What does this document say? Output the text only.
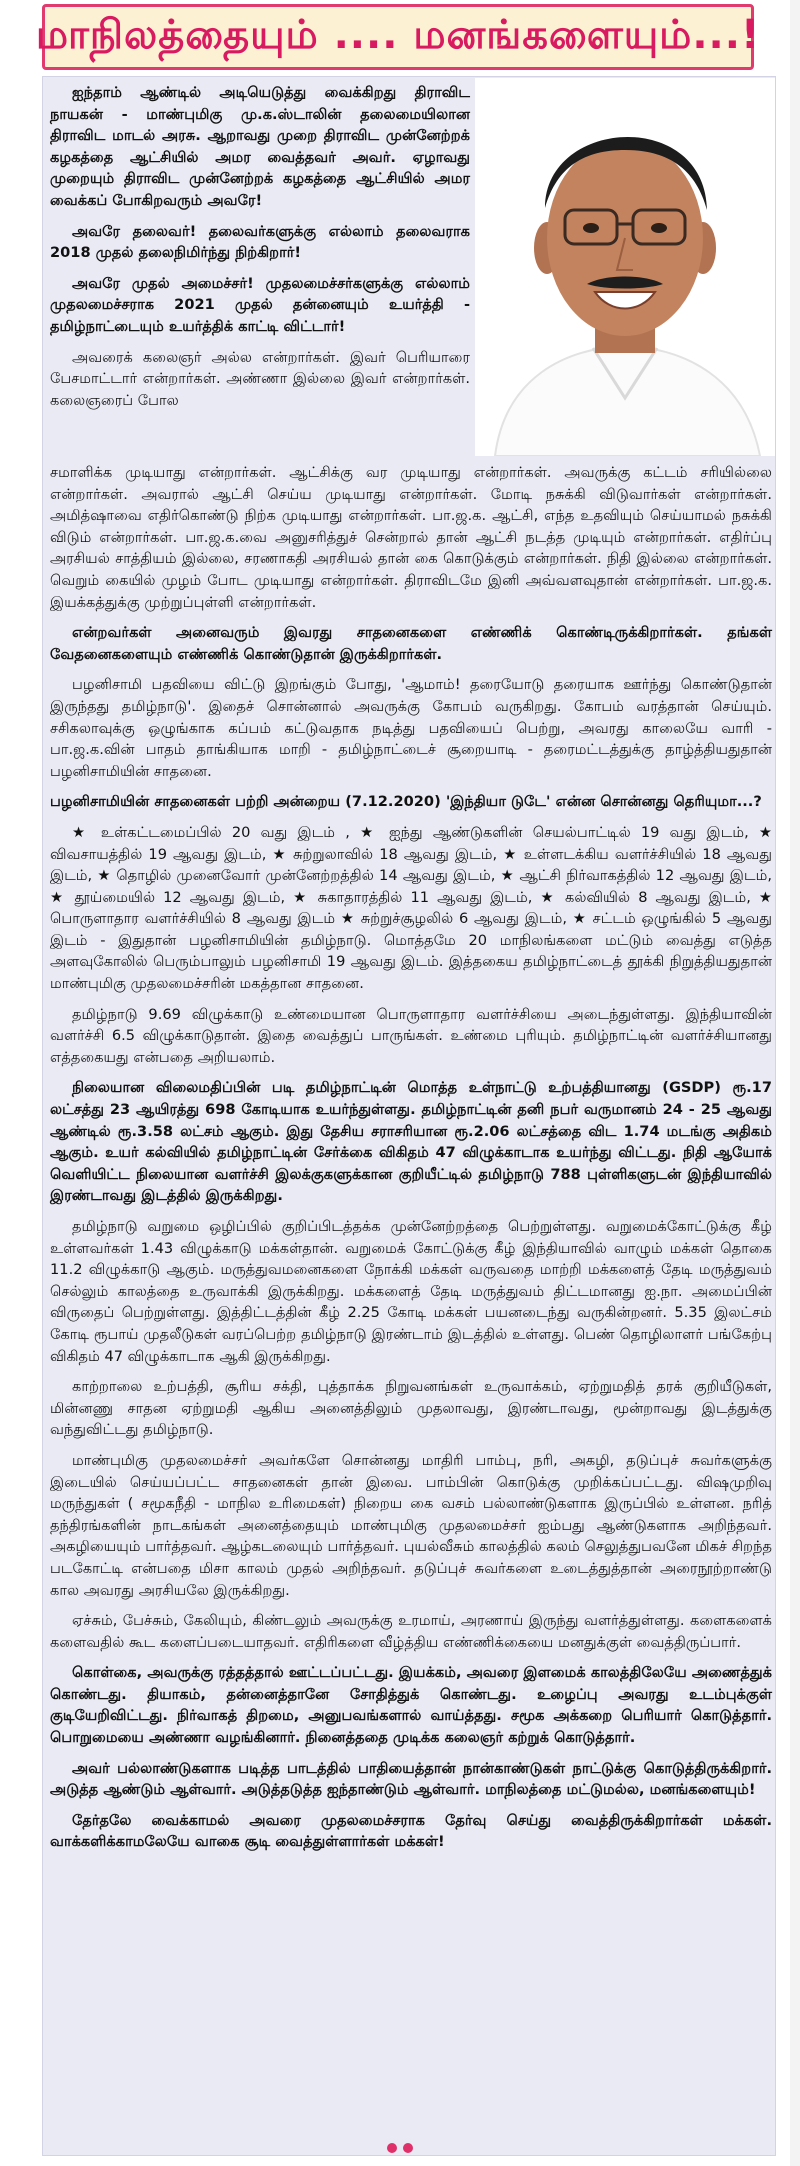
மாநிலத்தையும் .... மனங்களையும்...!

ஐந்தாம் ஆண்டில் அடியெடுத்து வைக்கிறது திராவிட நாயகன் - மாண்புமிகு மு.க.ஸ்டாலின் தலைமையிலான திராவிட மாடல் அரசு. ஆறாவது முறை திராவிட முன்னேற்றக் கழகத்தை ஆட்சியில் அமர வைத்தவர் அவர். ஏழாவது முறையும் திராவிட முன்னேற்றக் கழகத்தை ஆட்சியில் அமர வைக்கப் போகிறவரும் அவரே!

அவரே தலைவர்! தலைவர்களுக்கு எல்லாம் தலைவராக 2018 முதல் தலைநிமிர்ந்து நிற்கிறார்!

அவரே முதல் அமைச்சர்! முதலமைச்சர்களுக்கு எல்லாம் முதலமைச்சராக 2021 முதல் தன்னையும் உயர்த்தி - தமிழ்நாட்டையும் உயர்த்திக் காட்டி விட்டார்!

அவரைக் கலைஞர் அல்ல என்றார்கள். இவர் பெரியாரை பேசமாட்டார் என்றார்கள். அண்ணா இல்லை இவர் என்றார்கள். கலைஞரைப் போல

சமாளிக்க முடியாது என்றார்கள். ஆட்சிக்கு வர முடியாது என்றார்கள். அவருக்கு கட்டம் சரியில்லை என்றார்கள். அவரால் ஆட்சி செய்ய முடியாது என்றார்கள். மோடி நசுக்கி விடுவார்கள் என்றார்கள். அமித்ஷாவை எதிர்கொண்டு நிற்க முடியாது என்றார்கள். பா.ஜ.க. ஆட்சி, எந்த உதவியும் செய்யாமல் நசுக்கி விடும் என்றார்கள். பா.ஜ.க.வை அனுசரித்துச் சென்றால் தான் ஆட்சி நடத்த முடியும் என்றார்கள். எதிர்ப்பு அரசியல் சாத்தியம் இல்லை, சரணாகதி அரசியல் தான் கை கொடுக்கும் என்றார்கள். நிதி இல்லை என்றார்கள். வெறும் கையில் முழம் போட முடியாது என்றார்கள். திராவிடமே இனி அவ்வளவுதான் என்றார்கள். பா.ஜ.க. இயக்கத்துக்கு முற்றுப்புள்ளி என்றார்கள்.

என்றவர்கள் அனைவரும் இவரது சாதனைகளை எண்ணிக் கொண்டிருக்கிறார்கள். தங்கள் வேதனைகளையும் எண்ணிக் கொண்டுதான் இருக்கிறார்கள்.

பழனிசாமி பதவியை விட்டு இறங்கும் போது, 'ஆமாம்! தரையோடு தரையாக ஊர்ந்து கொண்டுதான் இருந்தது தமிழ்நாடு'. இதைச் சொன்னால் அவருக்கு கோபம் வருகிறது. கோபம் வரத்தான் செய்யும். சசிகலாவுக்கு ஒழுங்காக கப்பம் கட்டுவதாக நடித்து பதவியைப் பெற்று, அவரது காலையே வாரி - பா.ஜ.க.வின் பாதம் தாங்கியாக மாறி - தமிழ்நாட்டைச் சூறையாடி - தரைமட்டத்துக்கு தாழ்த்தியதுதான் பழனிசாமியின் சாதனை.

பழனிசாமியின் சாதனைகள் பற்றி அன்றைய (7.12.2020) 'இந்தியா டுடே' என்ன சொன்னது தெரியுமா...?

★ உள்கட்டமைப்பில் 20 வது இடம் , ★ ஐந்து ஆண்டுகளின் செயல்பாட்டில் 19 வது இடம், ★ விவசாயத்தில் 19 ஆவது இடம், ★ சுற்றுலாவில் 18 ஆவது இடம், ★ உள்ளடக்கிய வளர்ச்சியில் 18 ஆவது இடம், ★ தொழில் முனைவோர் முன்னேற்றத்தில் 14 ஆவது இடம், ★ ஆட்சி நிர்வாகத்தில் 12 ஆவது இடம், ★ தூய்மையில் 12 ஆவது இடம், ★ சுகாதாரத்தில் 11 ஆவது இடம், ★ கல்வியில் 8 ஆவது இடம், ★ பொருளாதார வளர்ச்சியில் 8 ஆவது இடம் ★ சுற்றுச்சூழலில் 6 ஆவது இடம், ★ சட்டம் ஒழுங்கில் 5 ஆவது இடம் - இதுதான் பழனிசாமியின் தமிழ்நாடு. மொத்தமே 20 மாநிலங்களை மட்டும் வைத்து எடுத்த அளவுகோலில் பெரும்பாலும் பழனிசாமி 19 ஆவது இடம். இத்தகைய தமிழ்நாட்டைத் தூக்கி நிறுத்தியதுதான் மாண்புமிகு முதலமைச்சரின் மகத்தான சாதனை.

தமிழ்நாடு 9.69 விழுக்காடு உண்மையான பொருளாதார வளர்ச்சியை அடைந்துள்ளது. இந்தியாவின் வளர்ச்சி 6.5 விழுக்காடுதான். இதை வைத்துப் பாருங்கள். உண்மை புரியும். தமிழ்நாட்டின் வளர்ச்சியானது எத்தகையது என்பதை அறியலாம்.

நிலையான விலைமதிப்பின் படி தமிழ்நாட்டின் மொத்த உள்நாட்டு உற்பத்தியானது (GSDP) ரூ.17 லட்சத்து 23 ஆயிரத்து 698 கோடியாக உயர்ந்துள்ளது. தமிழ்நாட்டின் தனி நபர் வருமானம் 24 - 25 ஆவது ஆண்டில் ரூ.3.58 லட்சம் ஆகும். இது தேசிய சராசரியான ரூ.2.06 லட்சத்தை விட 1.74 மடங்கு அதிகம் ஆகும். உயர் கல்வியில் தமிழ்நாட்டின் சேர்க்கை விகிதம் 47 விழுக்காடாக உயர்ந்து விட்டது. நிதி ஆயோக் வெளியிட்ட நிலையான வளர்ச்சி இலக்குகளுக்கான குறியீட்டில் தமிழ்நாடு 788 புள்ளிகளுடன் இந்தியாவில் இரண்டாவது இடத்தில் இருக்கிறது.

தமிழ்நாடு வறுமை ஒழிப்பில் குறிப்பிடத்தக்க முன்னேற்றத்தை பெற்றுள்ளது. வறுமைக்கோட்டுக்கு கீழ் உள்ளவர்கள் 1.43 விழுக்காடு மக்கள்தான். வறுமைக் கோட்டுக்கு கீழ் இந்தியாவில் வாழும் மக்கள் தொகை 11.2 விழுக்காடு ஆகும். மருத்துவமனைகளை நோக்கி மக்கள் வருவதை மாற்றி மக்களைத் தேடி மருத்துவம் செல்லும் காலத்தை உருவாக்கி இருக்கிறது. மக்களைத் தேடி மருத்துவம் திட்டமானது ஐ.நா. அமைப்பின் விருதைப் பெற்றுள்ளது. இத்திட்டத்தின் கீழ் 2.25 கோடி மக்கள் பயனடைந்து வருகின்றனர். 5.35 இலட்சம் கோடி ரூபாய் முதலீடுகள் வரப்பெற்ற தமிழ்நாடு இரண்டாம் இடத்தில் உள்ளது. பெண் தொழிலாளர் பங்கேற்பு விகிதம் 47 விழுக்காடாக ஆகி இருக்கிறது.

காற்றாலை உற்பத்தி, சூரிய சக்தி, புத்தாக்க நிறுவனங்கள் உருவாக்கம், ஏற்றுமதித் தரக் குறியீடுகள், மின்னணு சாதன ஏற்றுமதி ஆகிய அனைத்திலும் முதலாவது, இரண்டாவது, மூன்றாவது இடத்துக்கு வந்துவிட்டது தமிழ்நாடு.

மாண்புமிகு முதலமைச்சர் அவர்களே சொன்னது மாதிரி பாம்பு, நரி, அகழி, தடுப்புச் சுவர்களுக்கு இடையில் செய்யப்பட்ட சாதனைகள் தான் இவை. பாம்பின் கொடுக்கு முறிக்கப்பட்டது. விஷமுறிவு மருந்துகள் ( சமூகநீதி - மாநில உரிமைகள்) நிறைய கை வசம் பல்லாண்டுகளாக இருப்பில் உள்ளன. நரித் தந்திரங்களின் நாடகங்கள் அனைத்தையும் மாண்புமிகு முதலமைச்சர் ஐம்பது ஆண்டுகளாக அறிந்தவர். அகழியையும் பார்த்தவர். ஆழ்கடலையும் பார்த்தவர். புயல்வீசும் காலத்தில் கலம் செலுத்துபவனே மிகச் சிறந்த படகோட்டி என்பதை மிசா காலம் முதல் அறிந்தவர். தடுப்புச் சுவர்களை உடைத்துத்தான் அரைநூற்றாண்டு கால அவரது அரசியலே இருக்கிறது.

ஏச்சும், பேச்சும், கேலியும், கிண்டலும் அவருக்கு உரமாய், அரணாய் இருந்து வளர்த்துள்ளது. களைகளைக் களைவதில் கூட களைப்படையாதவர். எதிரிகளை வீழ்த்திய எண்ணிக்கையை மனதுக்குள் வைத்திருப்பார்.

கொள்கை, அவருக்கு ரத்தத்தால் ஊட்டப்பட்டது. இயக்கம், அவரை இளமைக் காலத்திலேயே அணைத்துக் கொண்டது. தியாகம், தன்னைத்தானே சோதித்துக் கொண்டது. உழைப்பு அவரது உடம்புக்குள் குடியேறிவிட்டது. நிர்வாகத் திறமை, அனுபவங்களால் வாய்த்தது. சமூக அக்கறை பெரியார் கொடுத்தார். பொறுமையை அண்ணா வழங்கினார். நினைத்ததை முடிக்க கலைஞர் கற்றுக் கொடுத்தார்.

அவர் பல்லாண்டுகளாக படித்த பாடத்தில் பாதியைத்தான் நான்காண்டுகள் நாட்டுக்கு கொடுத்திருக்கிறார். அடுத்த ஆண்டும் ஆள்வார். அடுத்தடுத்த ஐந்தாண்டும் ஆள்வார். மாநிலத்தை மட்டுமல்ல, மனங்களையும்!

தேர்தலே வைக்காமல் அவரை முதலமைச்சராக தேர்வு செய்து வைத்திருக்கிறார்கள் மக்கள். வாக்களிக்காமலேயே வாகை சூடி வைத்துள்ளார்கள் மக்கள்!
